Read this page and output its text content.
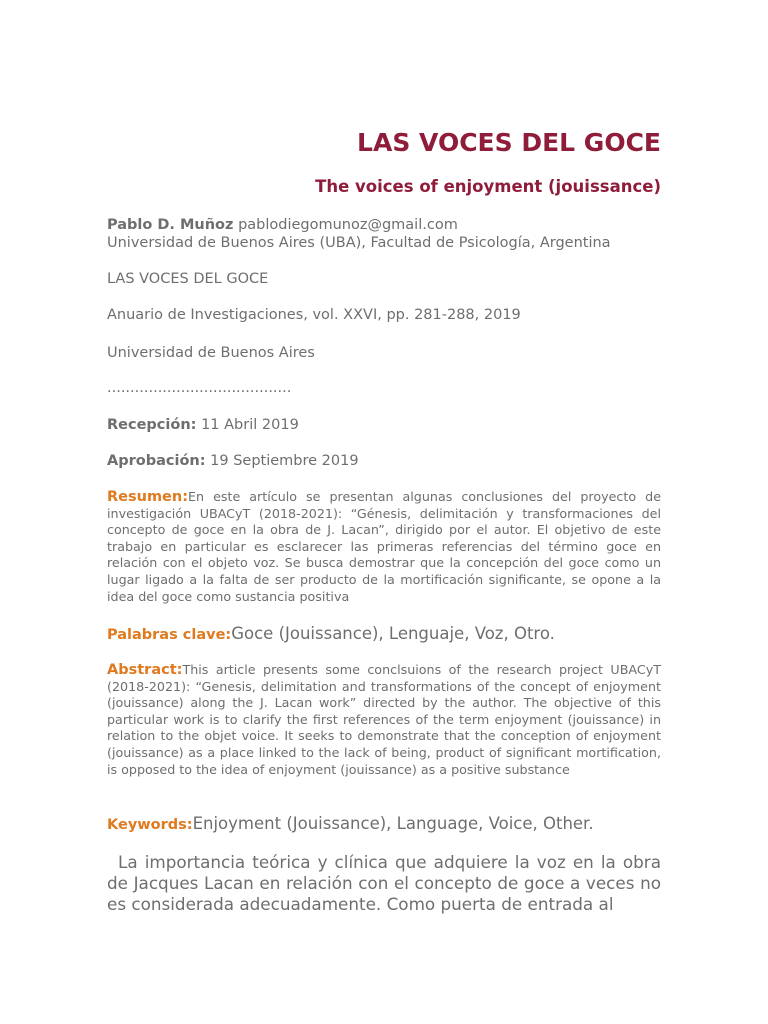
LAS VOCES DEL GOCE
The voices of enjoyment (jouissance)

Pablo D. Muñoz pablodiegomunoz@gmail.com

Universidad de Buenos Aires (UBA), Facultad de Psicología, Argentina

LAS VOCES DEL GOCE

Anuario de Investigaciones, vol. XXVI, pp. 281-288, 2019

Universidad de Buenos Aires

........................................

Recepción: 11 Abril 2019

Aprobación: 19 Septiembre 2019

Resumen:En este artículo se presentan algunas conclusiones del proyecto de investigación UBACyT (2018-2021): “Génesis, delimitación y transformaciones del concepto de goce en la obra de J. Lacan”, dirigido por el autor. El objetivo de este trabajo en particular es esclarecer las primeras referencias del término goce en relación con el objeto voz. Se busca demostrar que la concepción del goce como un lugar ligado a la falta de ser producto de la mortificación significante, se opone a la idea del goce como sustancia positiva

Palabras clave:Goce (Jouissance), Lenguaje, Voz, Otro.

Abstract:This article presents some conclsuions of the research project UBACyT (2018-2021): “Genesis, delimitation and transformations of the concept of enjoyment (jouissance) along the J. Lacan work” directed by the author. The objective of this particular work is to clarify the first references of the term enjoyment (jouissance) in relation to the objet voice. It seeks to demonstrate that the conception of enjoyment (jouissance) as a place linked to the lack of being, product of significant mortification, is opposed to the idea of enjoyment (jouissance) as a positive substance

Keywords:Enjoyment (Jouissance), Language, Voice, Other.

La importancia teórica y clínica que adquiere la voz en la obra de Jacques Lacan en relación con el concepto de goce a veces no es considerada adecuadamente. Como puerta de entrada al
